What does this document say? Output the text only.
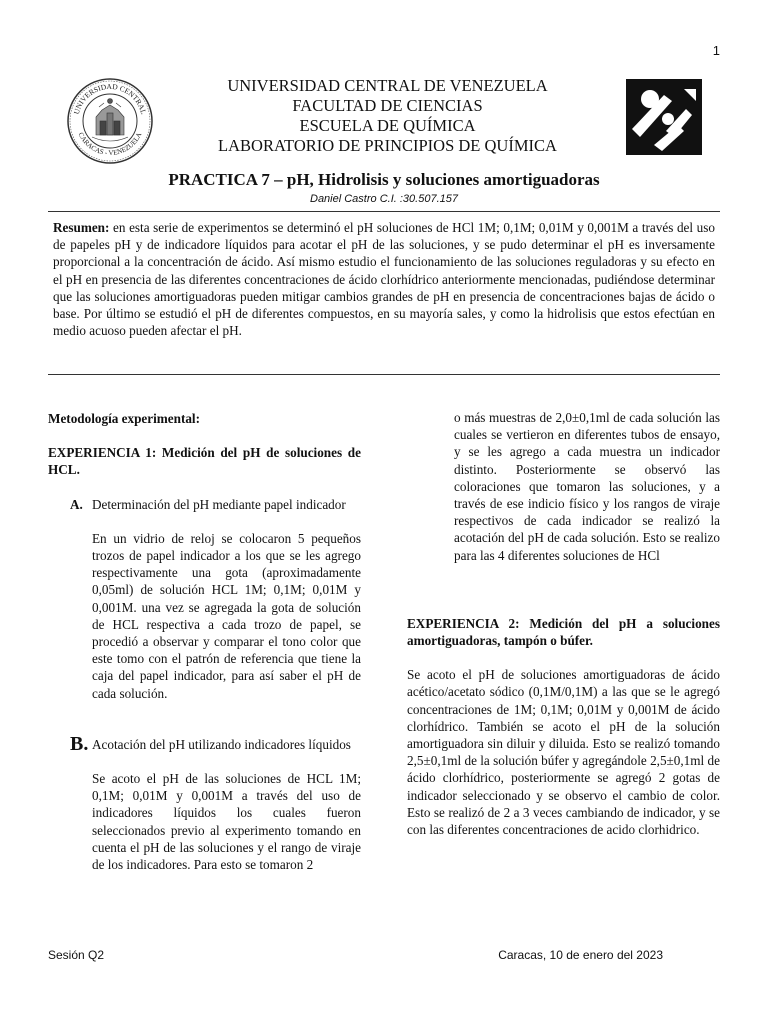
1
UNIVERSIDAD CENTRAL
CARACAS - VENEZUELA
UNIVERSIDAD CENTRAL DE VENEZUELA
FACULTAD DE CIENCIAS
ESCUELA DE QUÍMICA
LABORATORIO DE PRINCIPIOS DE QUÍMICA
PRACTICA 7 – pH, Hidrolisis y soluciones amortiguadoras
Daniel Castro C.I. :30.507.157
Resumen: en esta serie de experimentos se determinó el pH soluciones de HCl 1M; 0,1M; 0,01M y 0,001M a través del uso de papeles pH y de indicadore líquidos para acotar el pH de las soluciones, y se pudo determinar el pH es inversamente proporcional a la concentración de ácido. Así mismo estudio el funcionamiento de las soluciones reguladoras y su efecto en el pH en presencia de las diferentes concentraciones de ácido clorhídrico anteriormente mencionadas, pudiéndose determinar que las soluciones amortiguadoras pueden mitigar cambios grandes de pH en presencia de concentraciones bajas de ácido o base. Por último se estudió el pH de diferentes compuestos, en su mayoría sales, y como la hidrolisis que estos efectúan en medio acuoso pueden afectar el pH.

Metodología experimental:

EXPERIENCIA 1: Medición del pH de soluciones de HCL.

A. Determinación del pH mediante papel indicador

En un vidrio de reloj se colocaron 5 pequeños trozos de papel indicador a los que se les agrego respectivamente una gota (aproximadamente 0,05ml) de solución HCL 1M; 0,1M; 0,01M y 0,001M. una vez se agregada la gota de solución de HCL respectiva a cada trozo de papel, se procedió a observar y comparar el tono color que este tomo con el patrón de referencia que tiene la caja del papel indicador, para así saber el pH de cada solución.

B. Acotación del pH utilizando indicadores líquidos

Se acoto el pH de las soluciones de HCL 1M; 0,1M; 0,01M y 0,001M a través del uso de indicadores líquidos los cuales fueron seleccionados previo al experimento tomando en cuenta el pH de las soluciones y el rango de viraje de los indicadores. Para esto se tomaron 2

o más muestras de 2,0±0,1ml de cada solución las cuales se vertieron en diferentes tubos de ensayo, y se les agrego a cada muestra un indicador distinto. Posteriormente se observó las coloraciones que tomaron las soluciones, y a través de ese indicio físico y los rangos de viraje respectivos de cada indicador se realizó la acotación del pH de cada solución. Esto se realizo para las 4 diferentes soluciones de HCl

EXPERIENCIA 2: Medición del pH a soluciones amortiguadoras, tampón o búfer.

Se acoto el pH de soluciones amortiguadoras de ácido acético/acetato sódico (0,1M/0,1M) a las que se le agregó concentraciones de 1M; 0,1M; 0,01M y 0,001M de ácido clorhídrico. También se acoto el pH de la solución amortiguadora sin diluir y diluida. Esto se realizó tomando 2,5±0,1ml de la solución búfer y agregándole 2,5±0,1ml de ácido clorhídrico, posteriormente se agregó 2 gotas de indicador seleccionado y se observo el cambio de color. Esto se realizó de 2 a 3 veces cambiando de indicador, y se con las diferentes concentraciones de acido clorhidrico.

Sesión Q2	Caracas, 10 de enero del 2023
